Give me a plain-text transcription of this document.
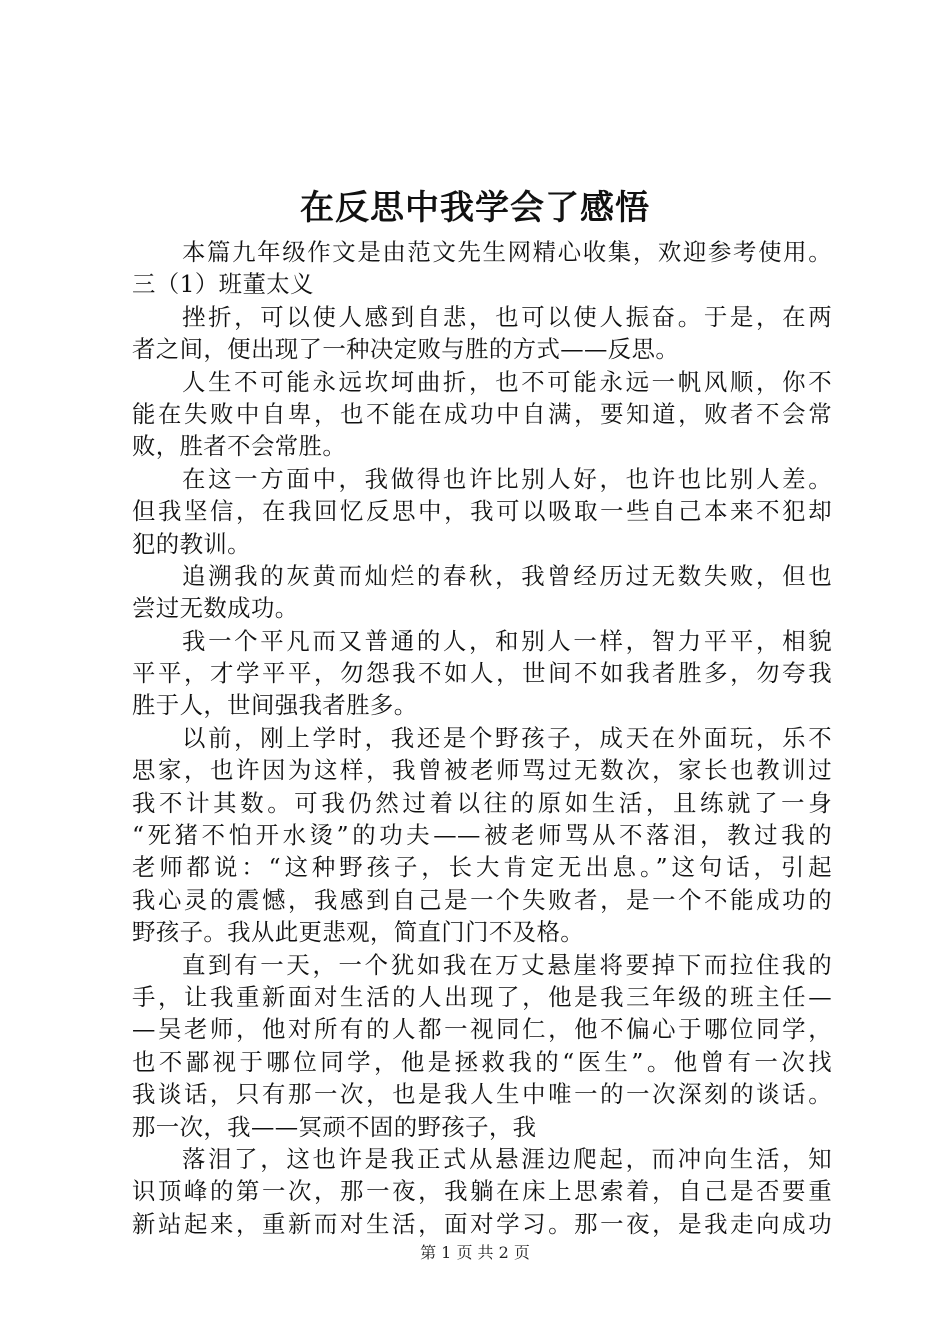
在反思中我学会了感悟
本篇九年级作文是由范文先生网精心收集，欢迎参考使用。
三（1）班董太义
挫折，可以使人感到自悲，也可以使人振奋。于是，在两
者之间，便出现了一种决定败与胜的方式——反思。
人生不可能永远坎坷曲折，也不可能永远一帆风顺，你不
能在失败中自卑，也不能在成功中自满，要知道，败者不会常
败，胜者不会常胜。
在这一方面中，我做得也许比别人好，也许也比别人差。
但我坚信，在我回忆反思中，我可以吸取一些自己本来不犯却
犯的教训。
追溯我的灰黄而灿烂的春秋，我曾经历过无数失败，但也
尝过无数成功。
我一个平凡而又普通的人，和别人一样，智力平平，相貌
平平，才学平平，勿怨我不如人，世间不如我者胜多，勿夸我
胜于人，世间强我者胜多。
以前，刚上学时，我还是个野孩子，成天在外面玩，乐不
思家，也许因为这样，我曾被老师骂过无数次，家长也教训过
我不计其数。可我仍然过着以往的原如生活，且练就了一身
“死猪不怕开水烫”的功夫——被老师骂从不落泪，教过我的
老师都说：“这种野孩子，长大肯定无出息。”这句话，引起
我心灵的震憾，我感到自己是一个失败者，是一个不能成功的
野孩子。我从此更悲观，简直门门不及格。
直到有一天，一个犹如我在万丈悬崖将要掉下而拉住我的
手，让我重新面对生活的人出现了，他是我三年级的班主任—
—吴老师，他对所有的人都一视同仁，他不偏心于哪位同学，
也不鄙视于哪位同学，他是拯救我的“医生”。他曾有一次找
我谈话，只有那一次，也是我人生中唯一的一次深刻的谈话。
那一次，我——冥顽不固的野孩子，我
落泪了，这也许是我正式从悬涯边爬起，而冲向生活，知
识顶峰的第一次，那一夜，我躺在床上思索着，自己是否要重
新站起来，重新而对生活，面对学习。那一夜，是我走向成功
第 1 页 共 2 页
